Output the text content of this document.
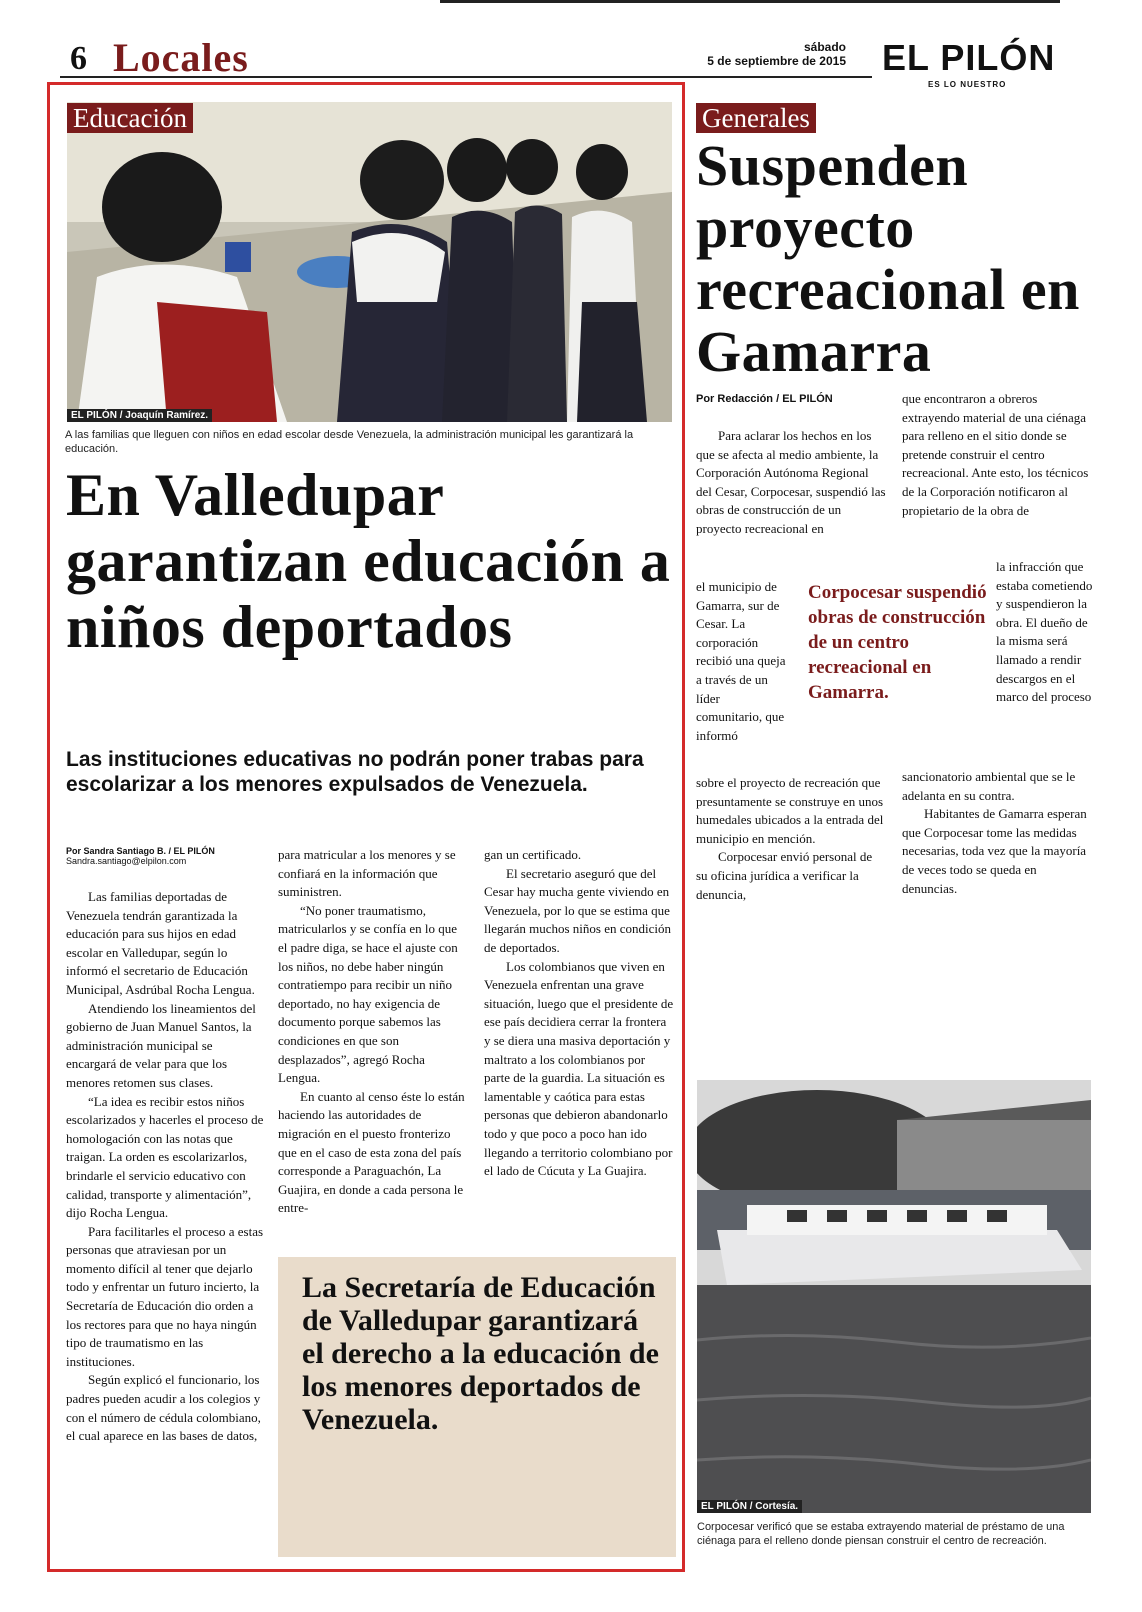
6 Locales	sábado
5 de septiembre de 2015 EL PILÓN
ES LO NUESTRO
EL PILÓN / Joaquín Ramírez.
Educación
A las familias que lleguen con niños en edad escolar desde Venezuela, la administración municipal les garantizará la educación.
En Valledupar garantizan educación a niños deportados
Las instituciones educativas no podrán poner trabas para escolarizar a los menores expulsados de Venezuela.
Por Sandra Santiago B. / EL PILÓN
Sandra.santiago@elpilon.com

Las familias deportadas de Venezuela tendrán garantizada la educación para sus hijos en edad escolar en Valledupar, según lo informó el secretario de Educación Municipal, Asdrúbal Rocha Lengua.

Atendiendo los lineamientos del gobierno de Juan Manuel Santos, la administración municipal se encargará de velar para que los menores retomen sus clases.

“La idea es recibir estos niños escolarizados y hacerles el proceso de homologación con las notas que traigan. La orden es escolarizarlos, brindarle el servicio educativo con calidad, transporte y alimentación”, dijo Rocha Lengua.

Para facilitarles el proceso a estas personas que atraviesan por un momento difícil al tener que dejarlo todo y enfrentar un futuro incierto, la Secretaría de Educación dio orden a los rectores para que no haya ningún tipo de traumatismo en las instituciones.

Según explicó el funcionario, los padres pueden acudir a los colegios y con el número de cédula colombiano, el cual aparece en las bases de datos,

para matricular a los menores y se confiará en la información que suministren.

“No poner traumatismo, matricularlos y se confía en lo que el padre diga, se hace el ajuste con los niños, no debe haber ningún contratiempo para recibir un niño deportado, no hay exigencia de documento porque sabemos las condiciones en que son desplazados”, agregó Rocha Lengua.

En cuanto al censo éste lo están haciendo las autoridades de migración en el puesto fronterizo que en el caso de esta zona del país corresponde a Paraguachón, La Guajira, en donde a cada persona le entre-

gan un certificado.

El secretario aseguró que del Cesar hay mucha gente viviendo en Venezuela, por lo que se estima que llegarán muchos niños en condición de deportados.

Los colombianos que viven en Venezuela enfrentan una grave situación, luego que el presidente de ese país decidiera cerrar la frontera y se diera una masiva deportación y maltrato a los colombianos por parte de la guardia. La situación es lamentable y caótica para estas personas que debieron abandonarlo todo y que poco a poco han ido llegando a territorio colombiano por el lado de Cúcuta y La Guajira.

La Secretaría de Educación de Valledupar garantizará el derecho a la educación de los menores deportados de Venezuela.
Generales
Suspenden proyecto recreacional en Gamarra
Por Redacción / EL PILÓN

Para aclarar los hechos en los que se afecta al medio ambiente, la Corporación Autónoma Regional del Cesar, Corpocesar, suspendió las obras de construcción de un proyecto recreacional en

el municipio de Gamarra, sur de Cesar. La corporación recibió una queja a través de un líder comunitario, que informó

sobre el proyecto de recreación que presuntamente se construye en unos humedales ubicados a la entrada del municipio en mención.

Corpocesar envió personal de su oficina jurídica a verificar la denuncia,

Corpocesar suspendió obras de construcción de un centro recreacional en Gamarra.

que encontraron a obreros extrayendo material de una ciénaga para relleno en el sitio donde se pretende construir el centro recreacional. Ante esto, los técnicos de la Corporación notificaron al propietario de la obra de

la infracción que estaba cometiendo y suspendieron la obra. El dueño de la misma será llamado a rendir descargos en el marco del proceso

sancionatorio ambiental que se le adelanta en su contra.

Habitantes de Gamarra esperan que Corpocesar tome las medidas necesarias, toda vez que la mayoría de veces todo se queda en denuncias.

EL PILÓN / Cortesía.
Corpocesar verificó que se estaba extrayendo material de préstamo de una ciénaga para el relleno donde piensan construir el centro de recreación.
